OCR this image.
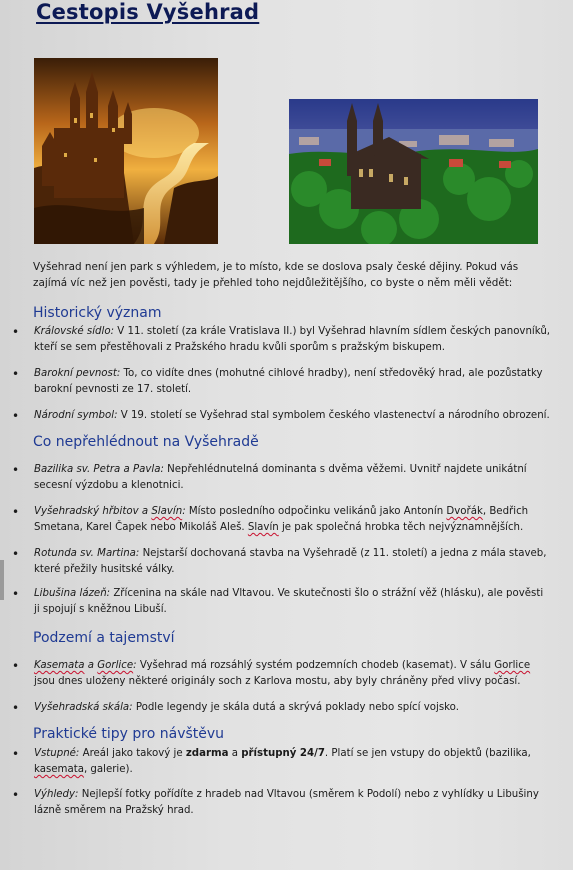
Cestopis Vyšehrad

Vyšehrad není jen park s výhledem, je to místo, kde se doslova psaly české dějiny. Pokud vás zajímá víc než jen pověsti, tady je přehled toho nejdůležitějšího, co byste o něm měli vědět:

Historický význam
• Královské sídlo: V 11. století (za krále Vratislava II.) byl Vyšehrad hlavním sídlem českých panovníků, kteří se sem přestěhovali z Pražského hradu kvůli sporům s pražským biskupem.
• Barokní pevnost: To, co vidíte dnes (mohutné cihlové hradby), není středověký hrad, ale pozůstatky barokní pevnosti ze 17. století.
• Národní symbol: V 19. století se Vyšehrad stal symbolem českého vlastenectví a národního obrození.
Co nepřehlédnout na Vyšehradě
• Bazilika sv. Petra a Pavla: Nepřehlédnutelná dominanta s dvěma věžemi. Uvnitř najdete unikátní secesní výzdobu a klenotnici.
• Vyšehradský hřbitov a Slavín: Místo posledního odpočinku velikánů jako Antonín Dvořák, Bedřich Smetana, Karel Čapek nebo Mikoláš Aleš. Slavín je pak společná hrobka těch nejvýznamnějších.
• Rotunda sv. Martina: Nejstarší dochovaná stavba na Vyšehradě (z 11. století) a jedna z mála staveb, které přežily husitské války.
• Libušina lázeň: Zřícenina na skále nad Vltavou. Ve skutečnosti šlo o strážní věž (hlásku), ale pověsti ji spojují s kněžnou Libuší.
Podzemí a tajemství
• Kasemata a Gorlice: Vyšehrad má rozsáhlý systém podzemních chodeb (kasemat). V sálu Gorlice jsou dnes uloženy některé originály soch z Karlova mostu, aby byly chráněny před vlivy počasí.
• Vyšehradská skála: Podle legendy je skála dutá a skrývá poklady nebo spící vojsko.
Praktické tipy pro návštěvu
• Vstupné: Areál jako takový je zdarma a přístupný 24/7. Platí se jen vstupy do objektů (bazilika, kasemata, galerie).
• Výhledy: Nejlepší fotky pořídíte z hradeb nad Vltavou (směrem k Podolí) nebo z vyhlídky u Libušiny lázně směrem na Pražský hrad.
